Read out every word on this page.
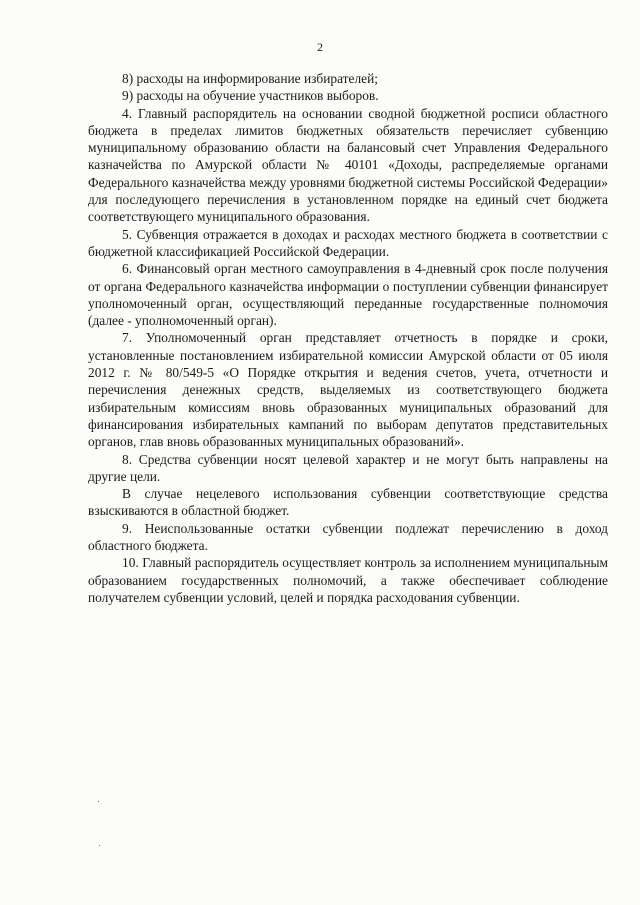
2

8) расходы на информирование избирателей;

9) расходы на обучение участников выборов.

4. Главный распорядитель на основании сводной бюджетной росписи областного бюджета в пределах лимитов бюджетных обязательств перечисляет субвенцию муниципальному образованию области на балансовый счет Управления Федерального казначейства по Амурской области № 40101 «Доходы, распределяемые органами Федерального казначейства между уровнями бюджетной системы Российской Федерации» для последующего перечисления в установленном порядке на единый счет бюджета соответствующего муниципального образования.

5. Субвенция отражается в доходах и расходах местного бюджета в соответствии с бюджетной классификацией Российской Федерации.

6. Финансовый орган местного самоуправления в 4-дневный срок после получения от органа Федерального казначейства информации о поступлении субвенции финансирует уполномоченный орган, осуществляющий переданные государственные полномочия (далее - уполномоченный орган).

7. Уполномоченный орган представляет отчетность в порядке и сроки, установленные постановлением избирательной комиссии Амурской области от 05 июля 2012 г. № 80/549-5 «О Порядке открытия и ведения счетов, учета, отчетности и перечисления денежных средств, выделяемых из соответствующего бюджета избирательным комиссиям вновь образованных муниципальных образований для финансирования избирательных кампаний по выборам депутатов представительных органов, глав вновь образованных муниципальных образований».

8. Средства субвенции носят целевой характер и не могут быть направлены на другие цели.

В случае нецелевого использования субвенции соответствующие средства взыскиваются в областной бюджет.

9. Неиспользованные остатки субвенции подлежат перечислению в доход областного бюджета.

10. Главный распорядитель осуществляет контроль за исполнением муниципальным образованием государственных полномочий, а также обеспечивает соблюдение получателем субвенции условий, целей и порядка расходования субвенции.
